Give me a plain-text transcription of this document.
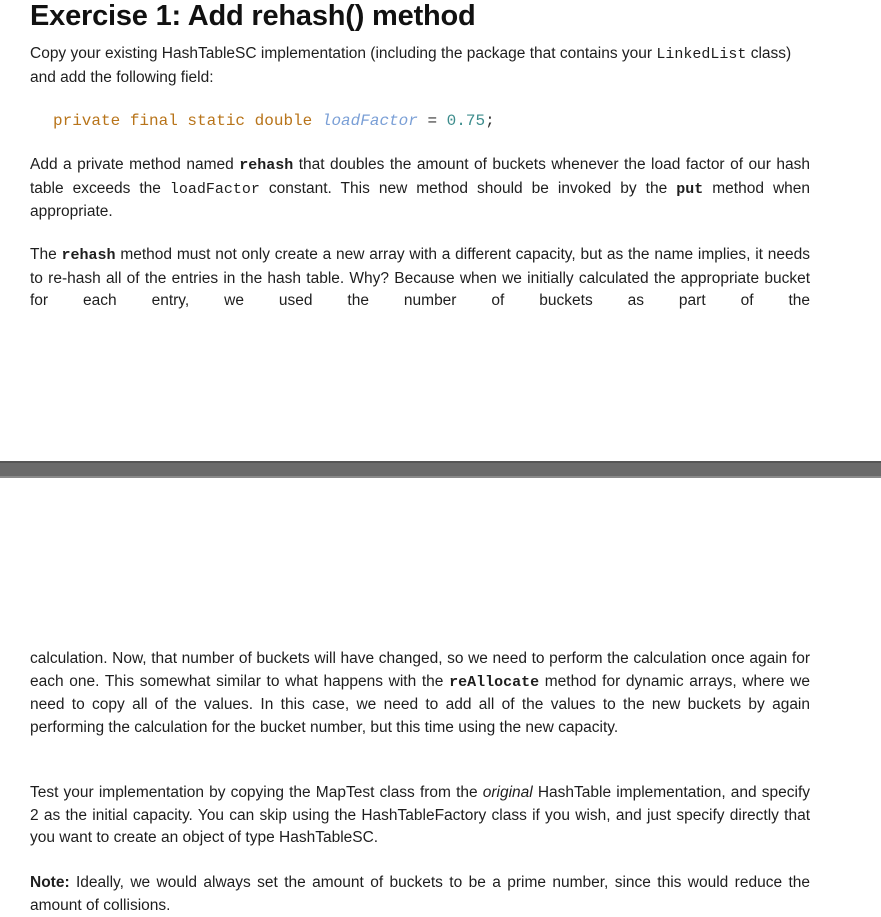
Exercise 1: Add rehash() method

Copy your existing HashTableSC implementation (including the package that contains your LinkedList class) and add the following field:

private final static double loadFactor = 0.75;

Add a private method named rehash that doubles the amount of buckets whenever the load factor of our hash table exceeds the loadFactor constant. This new method should be invoked by the put method when appropriate.

The rehash method must not only create a new array with a different capacity, but as the name implies, it needs to re-hash all of the entries in the hash table. Why? Because when we initially calculated the appropriate bucket for each entry, we used the number of buckets as part of the

calculation. Now, that number of buckets will have changed, so we need to perform the calculation once again for each one. This somewhat similar to what happens with the reAllocate method for dynamic arrays, where we need to copy all of the values. In this case, we need to add all of the values to the new buckets by again performing the calculation for the bucket number, but this time using the new capacity.

Test your implementation by copying the MapTest class from the original HashTable implementation, and specify 2 as the initial capacity. You can skip using the HashTableFactory class if you wish, and just specify directly that you want to create an object of type HashTableSC.

Note: Ideally, we would always set the amount of buckets to be a prime number, since this would reduce the amount of collisions.
